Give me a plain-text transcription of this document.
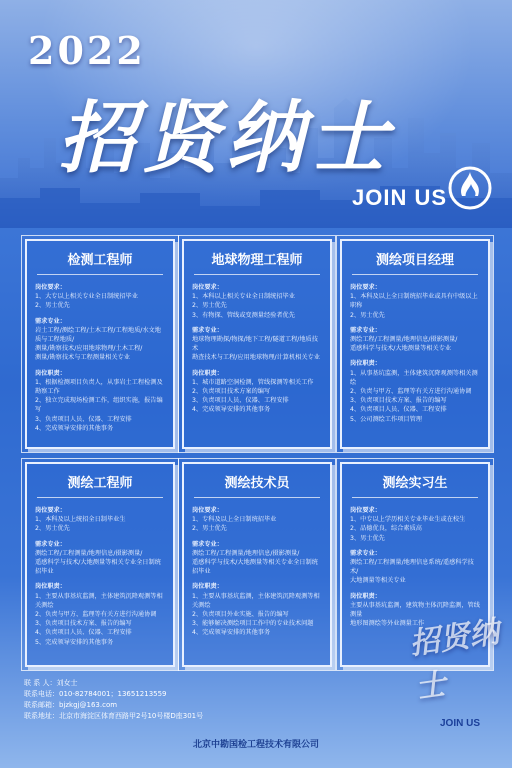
2022
招贤纳士
JOIN US
检测工程师
岗位要求：
1、大专以上相关专业全日制统招毕业
2、男士优先
需求专业：
岩土工程/测绘工程/土木工程/工程地质/水文地质与工程地质/
测量/勘察技术/应用地球物理/土木工程/
测量/勘察技术与工程测量相关专业
岗位职责：
1、根据检测项目负责人，从事岩土工程检测及勘察工作
2、独立完成现场检测工作，组织实施，报告编写
3、负责项目人员、仪器、工程安排
4、完成领导安排的其他事务
地球物理工程师
岗位要求：
1、本科以上相关专业全日制统招毕业
2、男士优先
3、有物探、管线或变测量经验者优先
需求专业：
地球物理勘探/物探/地下工程/隧道工程/地质技术
勘查技术与工程/应用地球物理/计算机相关专业
岗位职责：
1、城市道路空洞检测，管线探测等相关工作
2、负责项目技术方案的编写
3、负责项目人员、仪器、工程安排
4、完成领导安排的其他事务
测绘项目经理
岗位要求：
1、本科及以上全日制统招毕业或具有中级以上职称
2、男士优先
需求专业：
测绘工程/工程测量/地理信息/摄影测量/
遥感科学与技术/大地测量等相关专业
岗位职责：
1、从事基坑监测，主体建筑沉降观测等相关测绘
2、负责与甲方、监理等有关方进行沟通协调
3、负责项目技术方案、报告的编写
4、负责项目人员、仪器、工程安排
5、公司测绘工作项目管理
测绘工程师
岗位要求：
1、本科及以上统招全日制毕业生
2、男士优先
需求专业：
测绘工程/工程测量/地理信息/摄影测量/
遥感科学与技术/大地测量等相关专业全日制统招毕业
岗位职责：
1、主要从事基坑监测，主体建筑沉降观测等相关测绘
2、负责与甲方、监理等有关方进行沟通协调
3、负责项目技术方案、报告的编写
4、负责项目人员、仪器、工程安排
5、完成领导安排的其他事务
测绘技术员
岗位要求：
1、专科及以上全日制统招毕业
2、男士优先
需求专业：
测绘工程/工程测量/地理信息/摄影测量/
遥感科学与技术/大地测量等相关专业全日制统招毕业
岗位职责：
1、主要从事基坑监测，主体建筑沉降观测等相关测绘
2、负责项目外业实施、报告的编写
3、能够解决测绘项目工作中的专业技术问题
4、完成领导安排的其他事务
测绘实习生
岗位要求：
1、中专以上学历相关专业毕业生或在校生
2、品德优良，综合素质高
3、男士优先
需求专业：
测绘工程/工程测量/地理信息系统/遥感科学技术/
大地测量等相关专业
岗位职责：
主要从事基坑监测，建筑物主体沉降监测，管线测量
地形图测绘等外业测量工作
招贤纳士
JOIN US
联 系 人：刘女士
联系电话：010-82784001；13651213559
联系邮箱：bjzkgj@163.com
联系地址：北京市海淀区体育西路甲2号10号楼D座301号
北京中勘国检工程技术有限公司
